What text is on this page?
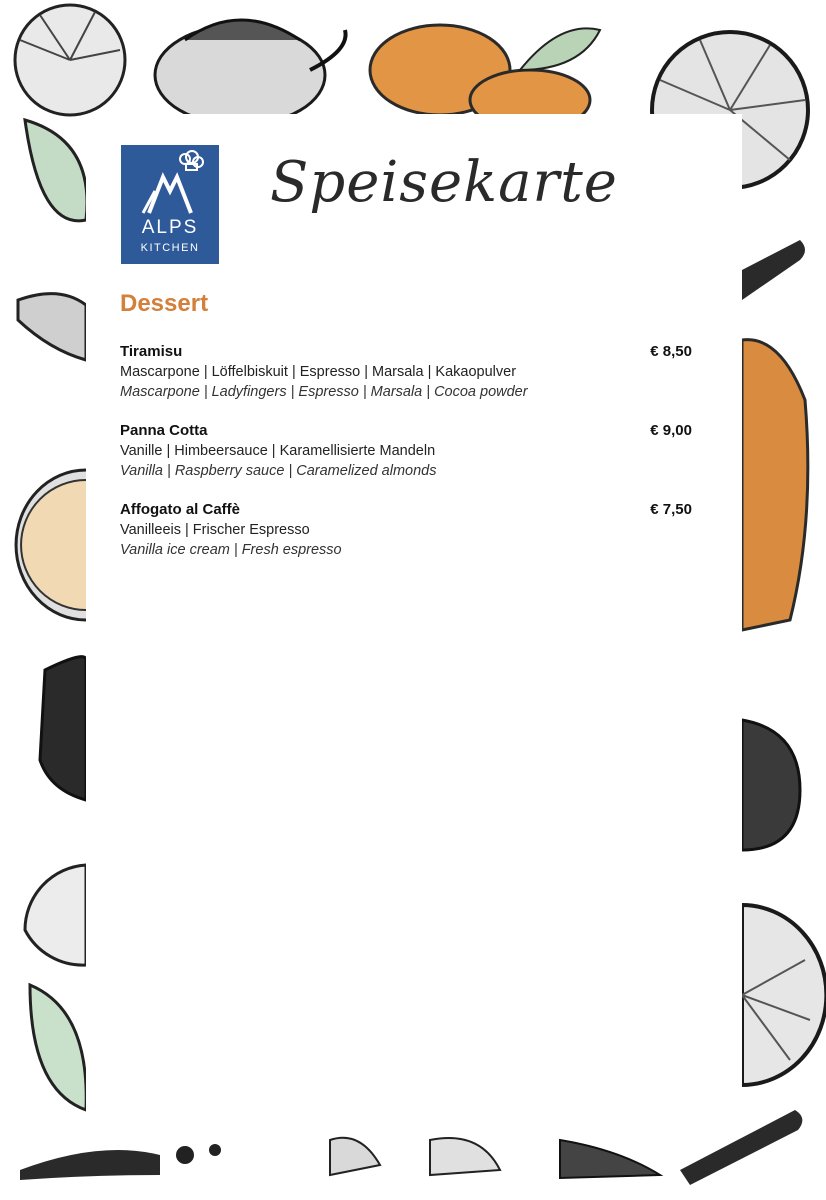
ALPS
KITCHEN
Speisekarte
Dessert
Tiramisu	€ 8,50
Mascarpone | Löffelbiskuit | Espresso | Marsala | Kakaopulver
Mascarpone | Ladyfingers | Espresso | Marsala | Cocoa powder
Panna Cotta	€ 9,00
Vanille | Himbeersauce | Karamellisierte Mandeln
Vanilla | Raspberry sauce | Caramelized almonds
Affogato al Caffè	€ 7,50
Vanilleeis | Frischer Espresso
Vanilla ice cream | Fresh espresso
